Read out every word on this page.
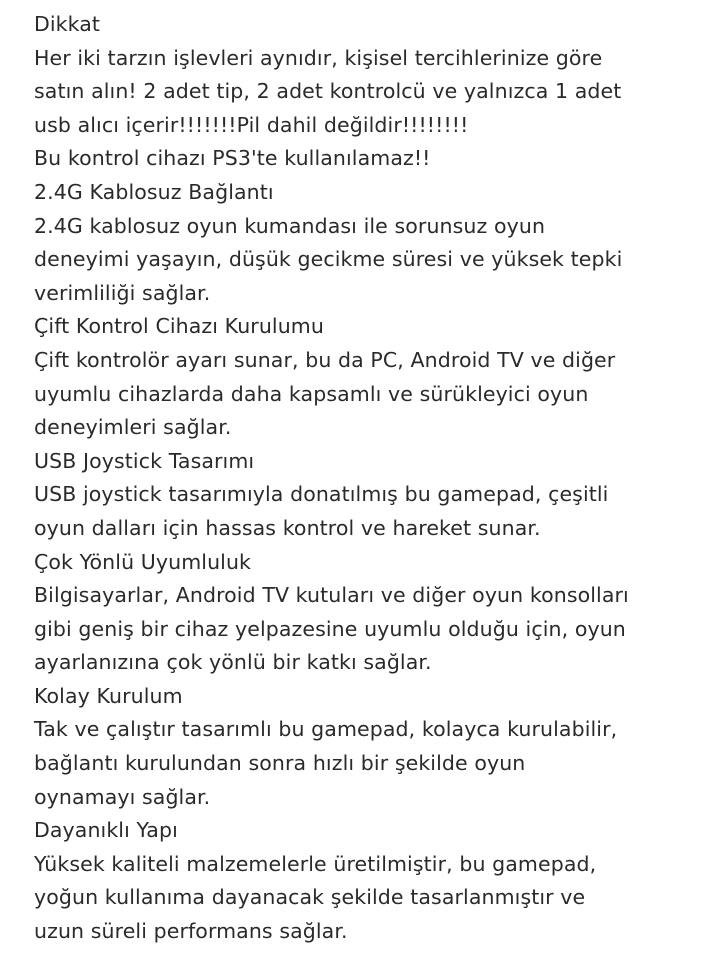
Dikkat
Her iki tarzın işlevleri aynıdır, kişisel tercihlerinize göre
satın alın! 2 adet tip, 2 adet kontrolcü ve yalnızca 1 adet
usb alıcı içerir!!!!!!!Pil dahil değildir!!!!!!!!
Bu kontrol cihazı PS3'te kullanılamaz!!
2.4G Kablosuz Bağlantı
2.4G kablosuz oyun kumandası ile sorunsuz oyun
deneyimi yaşayın, düşük gecikme süresi ve yüksek tepki
verimliliği sağlar.
Çift Kontrol Cihazı Kurulumu
Çift kontrolör ayarı sunar, bu da PC, Android TV ve diğer
uyumlu cihazlarda daha kapsamlı ve sürükleyici oyun
deneyimleri sağlar.
USB Joystick Tasarımı
USB joystick tasarımıyla donatılmış bu gamepad, çeşitli
oyun dalları için hassas kontrol ve hareket sunar.
Çok Yönlü Uyumluluk
Bilgisayarlar, Android TV kutuları ve diğer oyun konsolları
gibi geniş bir cihaz yelpazesine uyumlu olduğu için, oyun
ayarlanızına çok yönlü bir katkı sağlar.
Kolay Kurulum
Tak ve çalıştır tasarımlı bu gamepad, kolayca kurulabilir,
bağlantı kurulundan sonra hızlı bir şekilde oyun
oynamayı sağlar.
Dayanıklı Yapı
Yüksek kaliteli malzemelerle üretilmiştir, bu gamepad,
yoğun kullanıma dayanacak şekilde tasarlanmıştır ve
uzun süreli performans sağlar.
